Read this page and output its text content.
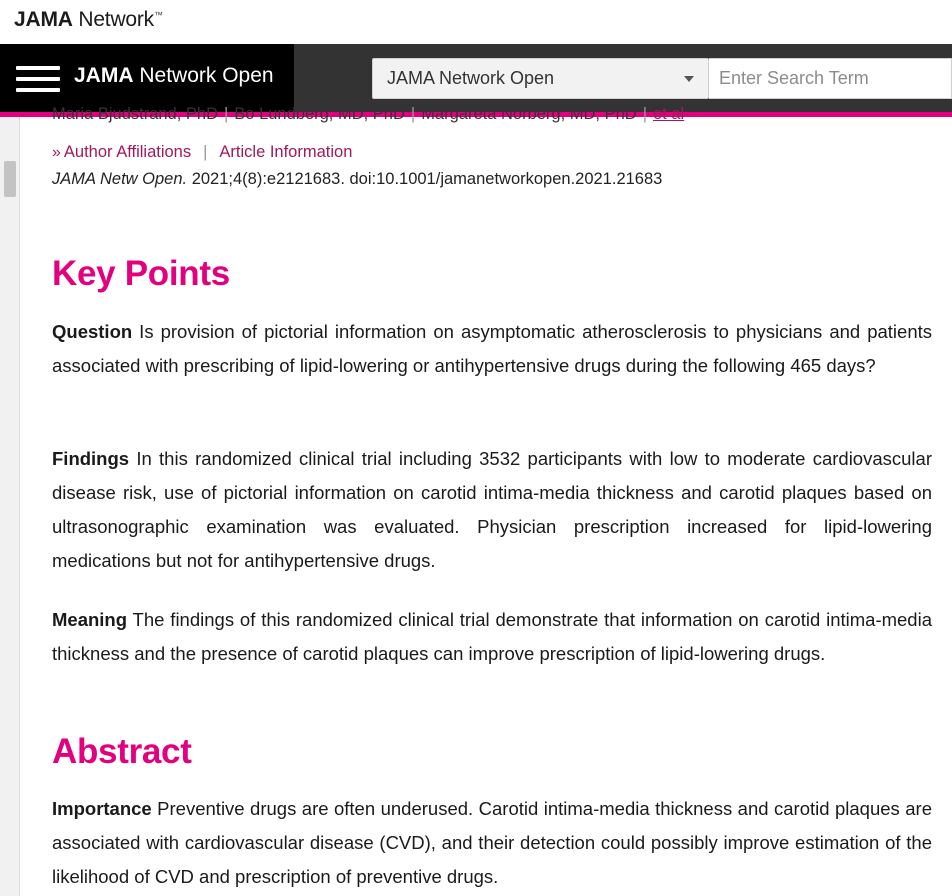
JAMA Network™
JAMA Network Open	JAMA Network Open
Enter Search Term
Maria Bjudstrand, PhD | Bo Lundberg, MD, PhD | Margareta Norberg, MD, PhD | et al
» Author Affiliations | Article Information
JAMA Netw Open. 2021;4(8):e2121683. doi:10.1001/jamanetworkopen.2021.21683
Key Points
Question Is provision of pictorial information on asymptomatic atherosclerosis to physicians and patients associated with prescribing of lipid-lowering or antihypertensive drugs during the following 465 days?
Findings In this randomized clinical trial including 3532 participants with low to moderate cardiovascular disease risk, use of pictorial information on carotid intima-media thickness and carotid plaques based on ultrasonographic examination was evaluated. Physician prescription increased for lipid-lowering medications but not for antihypertensive drugs.
Meaning The findings of this randomized clinical trial demonstrate that information on carotid intima-media thickness and the presence of carotid plaques can improve prescription of lipid-lowering drugs.
Abstract
Importance Preventive drugs are often underused. Carotid intima-media thickness and carotid plaques are associated with cardiovascular disease (CVD), and their detection could possibly improve estimation of the likelihood of CVD and prescription of preventive drugs.
